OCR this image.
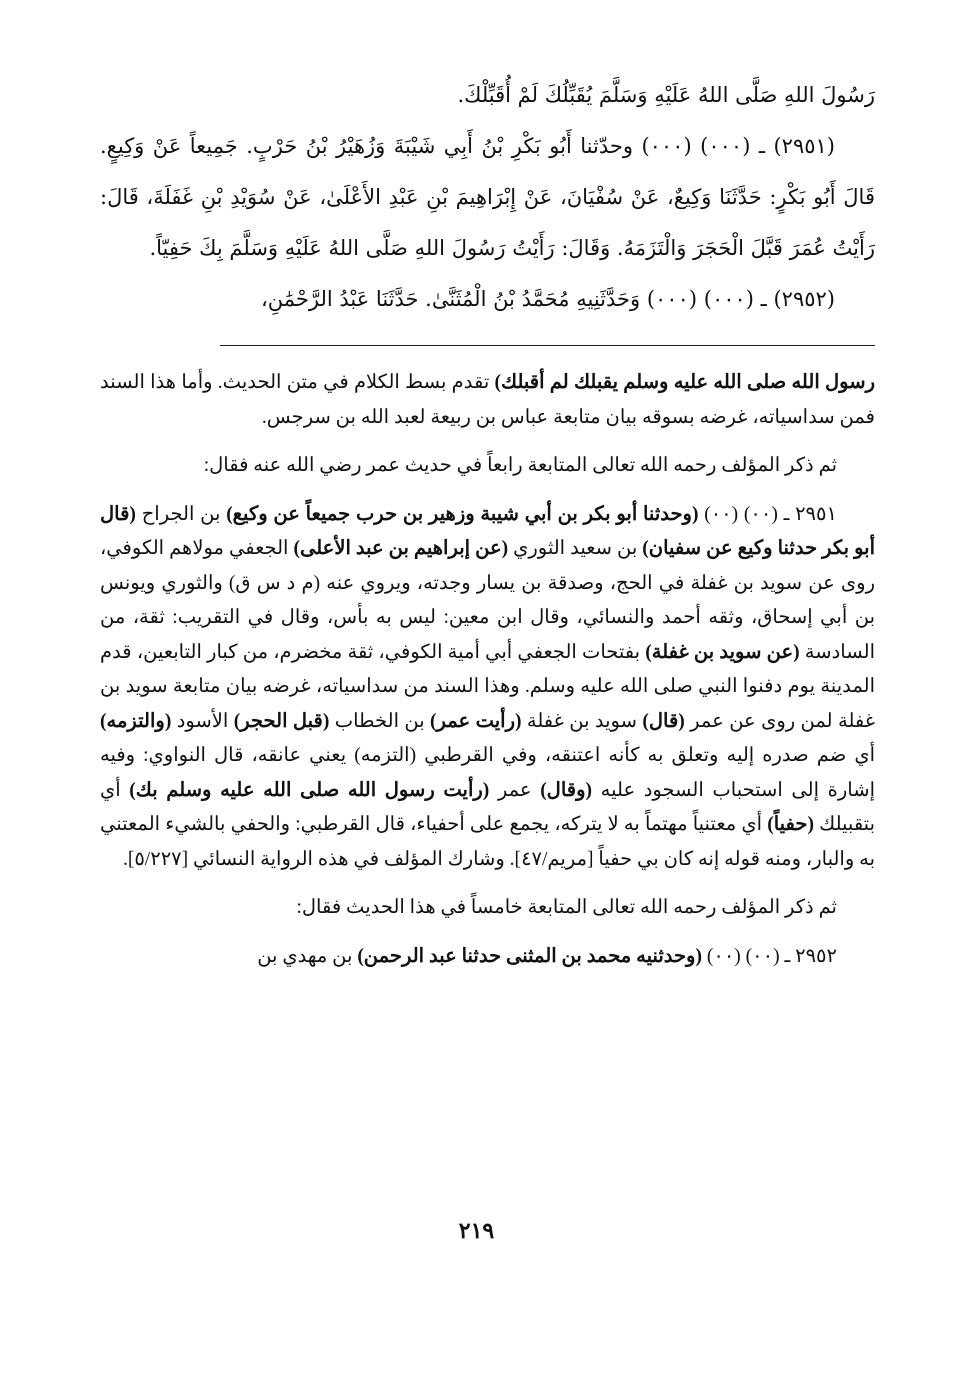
رَسُولَ اللهِ صَلَّى اللهُ عَلَيْهِ وَسَلَّمَ يُقَبِّلُكَ لَمْ أُقَبِّلْكَ.

(٢٩٥١) ـ (٠٠٠) (٠٠٠) وحدّثنا أَبُو بَكْرِ بْنُ أَبِي شَيْبَةَ وَزُهَيْرُ بْنُ حَرْبٍ. جَمِيعاً عَنْ وَكِيعٍ. قَالَ أَبُو بَكْرٍ: حَدَّثَنَا وَكِيعٌ، عَنْ سُفْيَانَ، عَنْ إِبْرَاهِيمَ بْنِ عَبْدِ الأَعْلَىٰ، عَنْ سُوَيْدِ بْنِ غَفَلَةَ، قَالَ: رَأَيْتُ عُمَرَ قَبَّلَ الْحَجَرَ وَالْتَزَمَهُ. وَقَالَ: رَأَيْتُ رَسُولَ اللهِ صَلَّى اللهُ عَلَيْهِ وَسَلَّمَ بِكَ حَفِيّاً.

(٢٩٥٢) ـ (٠٠٠) (٠٠٠) وَحَدَّثَنِيهِ مُحَمَّدُ بْنُ الْمُثَنَّىٰ. حَدَّثَنَا عَبْدُ الرَّحْمَٰنِ،

رسول الله صلى الله عليه وسلم يقبلك لم أقبلك) تقدم بسط الكلام في متن الحديث. وأما هذا السند فمن سداسياته، غرضه بسوقه بيان متابعة عباس بن ربيعة لعبد الله بن سرجس.

ثم ذكر المؤلف رحمه الله تعالى المتابعة رابعاً في حديث عمر رضي الله عنه فقال:

٢٩٥١ ـ (٠٠) (٠٠) (وحدثنا أبو بكر بن أبي شيبة وزهير بن حرب جميعاً عن وكيع) بن الجراح (قال أبو بكر حدثنا وكيع عن سفيان) بن سعيد الثوري (عن إبراهيم بن عبد الأعلى) الجعفي مولاهم الكوفي، روى عن سويد بن غفلة في الحج، وصدقة بن يسار وجدته، ويروي عنه (م د س ق) والثوري ويونس بن أبي إسحاق، وثقه أحمد والنسائي، وقال ابن معين: ليس به بأس، وقال في التقريب: ثقة، من السادسة (عن سويد بن غفلة) بفتحات الجعفي أبي أمية الكوفي، ثقة مخضرم، من كبار التابعين، قدم المدينة يوم دفنوا النبي صلى الله عليه وسلم. وهذا السند من سداسياته، غرضه بيان متابعة سويد بن غفلة لمن روى عن عمر (قال) سويد بن غفلة (رأيت عمر) بن الخطاب (قبل الحجر) الأسود (والتزمه) أي ضم صدره إليه وتعلق به كأنه اعتنقه، وفي القرطبي (التزمه) يعني عانقه، قال النواوي: وفيه إشارة إلى استحباب السجود عليه (وقال) عمر (رأيت رسول الله صلى الله عليه وسلم بك) أي بتقبيلك (حفياً) أي معتنياً مهتماً به لا يتركه، يجمع على أحفياء، قال القرطبي: والحفي بالشيء المعتني به والبار، ومنه قوله إنه كان بي حفياً [مريم/٤٧]. وشارك المؤلف في هذه الرواية النسائي [٥/٢٢٧].

ثم ذكر المؤلف رحمه الله تعالى المتابعة خامساً في هذا الحديث فقال:

٢٩٥٢ ـ (٠٠) (٠٠) (وحدثنيه محمد بن المثنى حدثنا عبد الرحمن) بن مهدي بن

٢١٩
